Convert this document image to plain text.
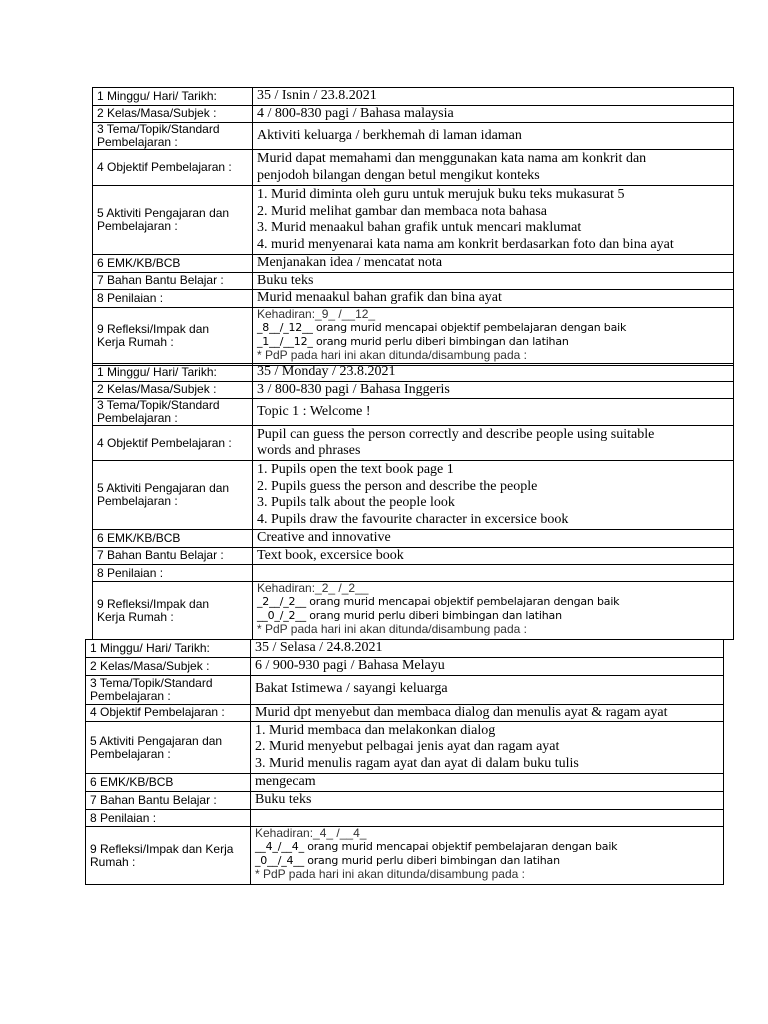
1 Minggu/ Hari/ Tarikh:	35 / Isnin / 23.8.2021

2 Kelas/Masa/Subjek :	4 / 800-830 pagi / Bahasa malaysia

3 Tema/Topik/Standard
Pembelajaran :	Aktiviti keluarga / berkhemah di laman idaman

4 Objektif Pembelajaran :	Murid dapat memahami dan menggunakan kata nama am konkrit dan
penjodoh bilangan dengan betul mengikut konteks

5 Aktiviti Pengajaran dan
Pembelajaran :	1. Murid diminta oleh guru untuk merujuk buku teks mukasurat 5
2. Murid melihat gambar dan membaca nota bahasa
3. Murid menaakul bahan grafik untuk mencari maklumat
4. murid menyenarai kata nama am konkrit berdasarkan foto dan bina ayat

6 EMK/KB/BCB	Menjanakan idea / mencatat nota

7 Bahan Bantu Belajar :	Buku teks

8 Penilaian :	Murid menaakul bahan grafik dan bina ayat

9 Refleksi/Impak dan
Kerja Rumah :	Kehadiran:_9_ /__12_
_8__/_12__ orang murid mencapai objektif pembelajaran dengan baik
_1__/__12_ orang murid perlu diberi bimbingan dan latihan
* PdP pada hari ini akan ditunda/disambung pada :
1 Minggu/ Hari/ Tarikh:	35 / Monday / 23.8.2021

2 Kelas/Masa/Subjek :	3 / 800-830 pagi / Bahasa Inggeris

3 Tema/Topik/Standard
Pembelajaran :	Topic 1 : Welcome !

4 Objektif Pembelajaran :	Pupil can guess the person correctly and describe people using suitable
words and phrases

5 Aktiviti Pengajaran dan
Pembelajaran :	1. Pupils open the text book page 1
2. Pupils guess the person and describe the people
3. Pupils talk about the people look
4. Pupils draw the favourite character in excersice book

6 EMK/KB/BCB	Creative and innovative

7 Bahan Bantu Belajar :	Text book, excersice book

8 Penilaian :	

9 Refleksi/Impak dan
Kerja Rumah :	Kehadiran:_2_ /_2__
_2__/_2__ orang murid mencapai objektif pembelajaran dengan baik
__0_/_2__ orang murid perlu diberi bimbingan dan latihan
* PdP pada hari ini akan ditunda/disambung pada :
1 Minggu/ Hari/ Tarikh:	35 / Selasa / 24.8.2021

2 Kelas/Masa/Subjek :	6 / 900-930 pagi / Bahasa Melayu

3 Tema/Topik/Standard
Pembelajaran :	Bakat Istimewa / sayangi keluarga

4 Objektif Pembelajaran :	Murid dpt menyebut dan membaca dialog dan menulis ayat & ragam ayat

5 Aktiviti Pengajaran dan
Pembelajaran :	1. Murid membaca dan melakonkan dialog
2. Murid menyebut pelbagai jenis ayat dan ragam ayat
3. Murid menulis ragam ayat dan ayat di dalam buku tulis

6 EMK/KB/BCB	mengecam

7 Bahan Bantu Belajar :	Buku teks

8 Penilaian :	

9 Refleksi/Impak dan Kerja
Rumah :	Kehadiran:_4_ /__4_
__4_/__4_ orang murid mencapai objektif pembelajaran dengan baik
_0__/_4__ orang murid perlu diberi bimbingan dan latihan
* PdP pada hari ini akan ditunda/disambung pada :
